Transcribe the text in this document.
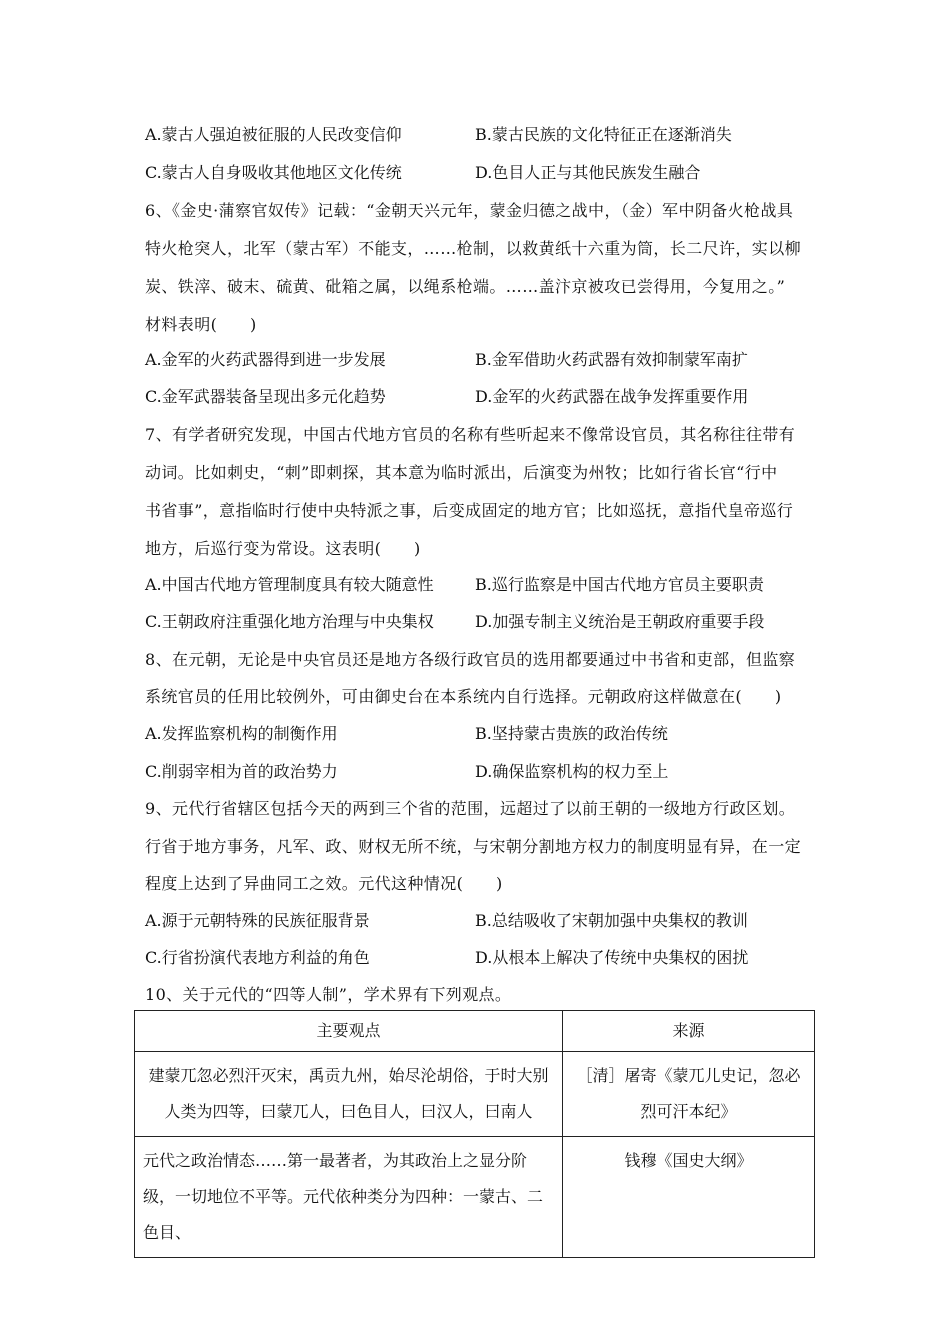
A.蒙古人强迫被征服的人民改变信仰	B.蒙古民族的文化特征正在逐渐消失
C.蒙古人自身吸收其他地区文化传统	D.色目人正与其他民族发生融合
6、《金史·蒲察官奴传》记载：“金朝天兴元年，蒙金归德之战中，（金）军中阴备火枪战具
特火枪突人，北军（蒙古军）不能支，……枪制，以救黄纸十六重为筒，长二尺许，实以柳
炭、铁滓、破末、硫黄、砒箱之属，以绳系枪端。……盖汴京被攻已尝得用，今复用之。”
材料表明(　　)
A.金军的火药武器得到进一步发展	B.金军借助火药武器有效抑制蒙军南扩
C.金军武器装备呈现出多元化趋势	D.金军的火药武器在战争发挥重要作用
7、有学者研究发现，中国古代地方官员的名称有些听起来不像常设官员，其名称往往带有
动词。比如刺史，“刺”即刺探，其本意为临时派出，后演变为州牧；比如行省长官“行中
书省事”，意指临时行使中央特派之事，后变成固定的地方官；比如巡抚，意指代皇帝巡行
地方，后巡行变为常设。这表明(　　)
A.中国古代地方管理制度具有较大随意性	B.巡行监察是中国古代地方官员主要职责
C.王朝政府注重强化地方治理与中央集权	D.加强专制主义统治是王朝政府重要手段
8、在元朝，无论是中央官员还是地方各级行政官员的选用都要通过中书省和吏部，但监察
系统官员的任用比较例外，可由御史台在本系统内自行选择。元朝政府这样做意在(　　)
A.发挥监察机构的制衡作用	B.坚持蒙古贵族的政治传统
C.削弱宰相为首的政治势力	D.确保监察机构的权力至上
9、元代行省辖区包括今天的两到三个省的范围，远超过了以前王朝的一级地方行政区划。
行省于地方事务，凡军、政、财权无所不统，与宋朝分割地方权力的制度明显有异，在一定
程度上达到了异曲同工之效。元代这种情况(　　)
A.源于元朝特殊的民族征服背景	B.总结吸收了宋朝加强中央集权的教训
C.行省扮演代表地方利益的角色	D.从根本上解决了传统中央集权的困扰
10、关于元代的“四等人制”，学术界有下列观点。
主要观点	来源
建蒙兀忽必烈汗灭宋，禹贡九州，始尽沦胡俗，于时大别人类为四等，曰蒙兀人，曰色目人，曰汉人，曰南人	［清］屠寄《蒙兀儿史记，忽必烈可汗本纪》
元代之政治情态……第一最著者，为其政治上之显分阶级，一切地位不平等。元代依种类分为四种：一蒙古、二色目、	钱穆《国史大纲》
